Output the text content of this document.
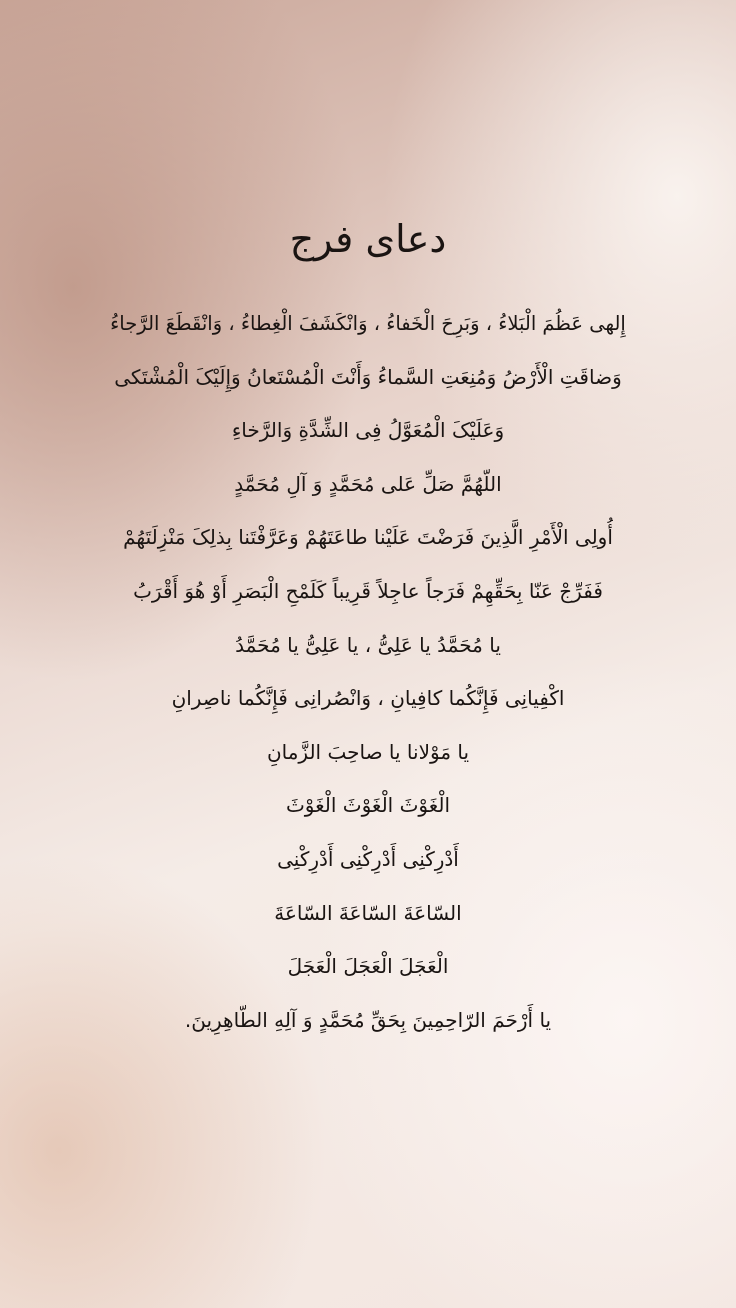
دعای فرج
إِلهی عَظُمَ الْبَلاءُ ، وَبَرِحَ الْخَفاءُ ، وَانْکَشَفَ الْغِطاءُ ، وَانْقَطَعَ الرَّجاءُ
وَضاقَتِ الْأَرْضُ وَمُنِعَتِ السَّماءُ وَأَنْتَ الْمُسْتَعانُ وَإِلَیْکَ الْمُشْتَکی
وَعَلَیْکَ الْمُعَوَّلُ فِی الشِّدَّةِ وَالرَّخاءِ
اللّهُمَّ صَلِّ عَلی مُحَمَّدٍ وَ آلِ مُحَمَّدٍ
أُولِی الْأَمْرِ الَّذِینَ فَرَضْتَ عَلَیْنا طاعَتَهُمْ وَعَرَّفْتَنا بِذلِکَ مَنْزِلَتَهُمْ
فَفَرِّجْ عَنّا بِحَقِّهِمْ فَرَجاً عاجِلاً قَرِیباً کَلَمْحِ الْبَصَرِ أَوْ هُوَ أَقْرَبُ
یا مُحَمَّدُ یا عَلِیُّ ، یا عَلِیُّ یا مُحَمَّدُ
اکْفِیانِی فَإِنَّکُما کافِیانِ ، وَانْصُرانِی فَإِنَّکُما ناصِرانِ
یا مَوْلانا یا صاحِبَ الزَّمانِ
الْغَوْثَ الْغَوْثَ الْغَوْثَ
أَدْرِکْنِی أَدْرِکْنِی أَدْرِکْنِی
السّاعَةَ السّاعَةَ السّاعَةَ
الْعَجَلَ الْعَجَلَ الْعَجَلَ
یا أَرْحَمَ الرّاحِمِینَ بِحَقِّ مُحَمَّدٍ وَ آلِهِ الطّاهِرِینَ.
